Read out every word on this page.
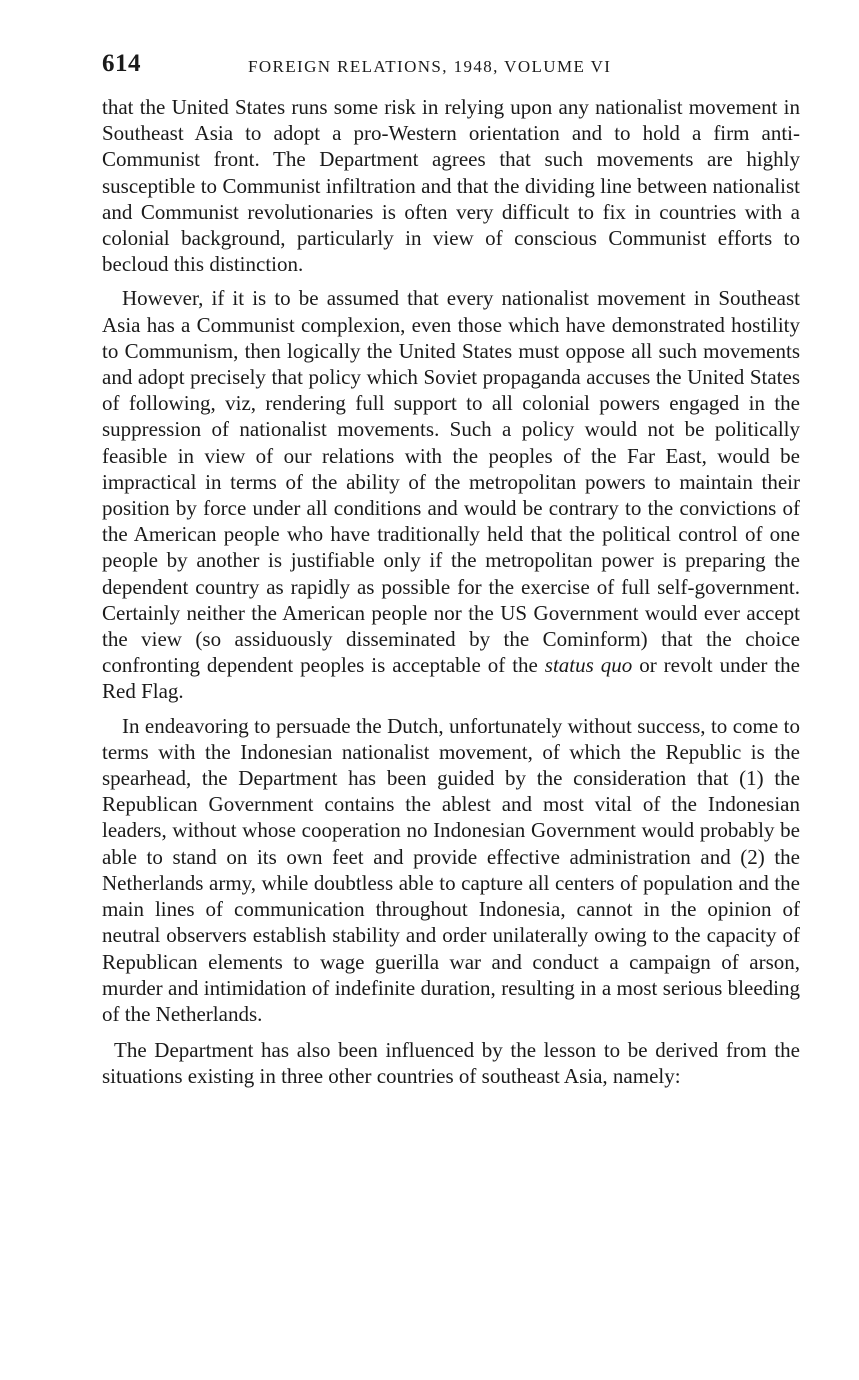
614	FOREIGN RELATIONS, 1948, VOLUME VI

that the United States runs some risk in relying upon any nationalist movement in Southeast Asia to adopt a pro-Western orientation and to hold a firm anti-Communist front. The Department agrees that such movements are highly susceptible to Communist infiltration and that the dividing line between nationalist and Communist revolutionaries is often very difficult to fix in countries with a colonial background, particularly in view of conscious Communist efforts to becloud this distinction.

However, if it is to be assumed that every nationalist movement in Southeast Asia has a Communist complexion, even those which have demonstrated hostility to Communism, then logically the United States must oppose all such movements and adopt precisely that policy which Soviet propaganda accuses the United States of following, viz, rendering full support to all colonial powers engaged in the suppression of nationalist movements. Such a policy would not be politically feasible in view of our relations with the peoples of the Far East, would be impractical in terms of the ability of the metropolitan powers to maintain their position by force under all conditions and would be contrary to the convictions of the American people who have traditionally held that the political control of one people by another is justifiable only if the metropolitan power is preparing the dependent country as rapidly as possible for the exercise of full self-government. Certainly neither the American people nor the US Government would ever accept the view (so assiduously disseminated by the Cominform) that the choice confronting dependent peoples is acceptable of the status quo or revolt under the Red Flag.

In endeavoring to persuade the Dutch, unfortunately without success, to come to terms with the Indonesian nationalist movement, of which the Republic is the spearhead, the Department has been guided by the consideration that (1) the Republican Government contains the ablest and most vital of the Indonesian leaders, without whose cooperation no Indonesian Government would probably be able to stand on its own feet and provide effective administration and (2) the Netherlands army, while doubtless able to capture all centers of population and the main lines of communication throughout Indonesia, cannot in the opinion of neutral observers establish stability and order unilaterally owing to the capacity of Republican elements to wage guerilla war and conduct a campaign of arson, murder and intimidation of indefinite duration, resulting in a most serious bleeding of the Netherlands.

The Department has also been influenced by the lesson to be derived from the situations existing in three other countries of southeast Asia, namely:
